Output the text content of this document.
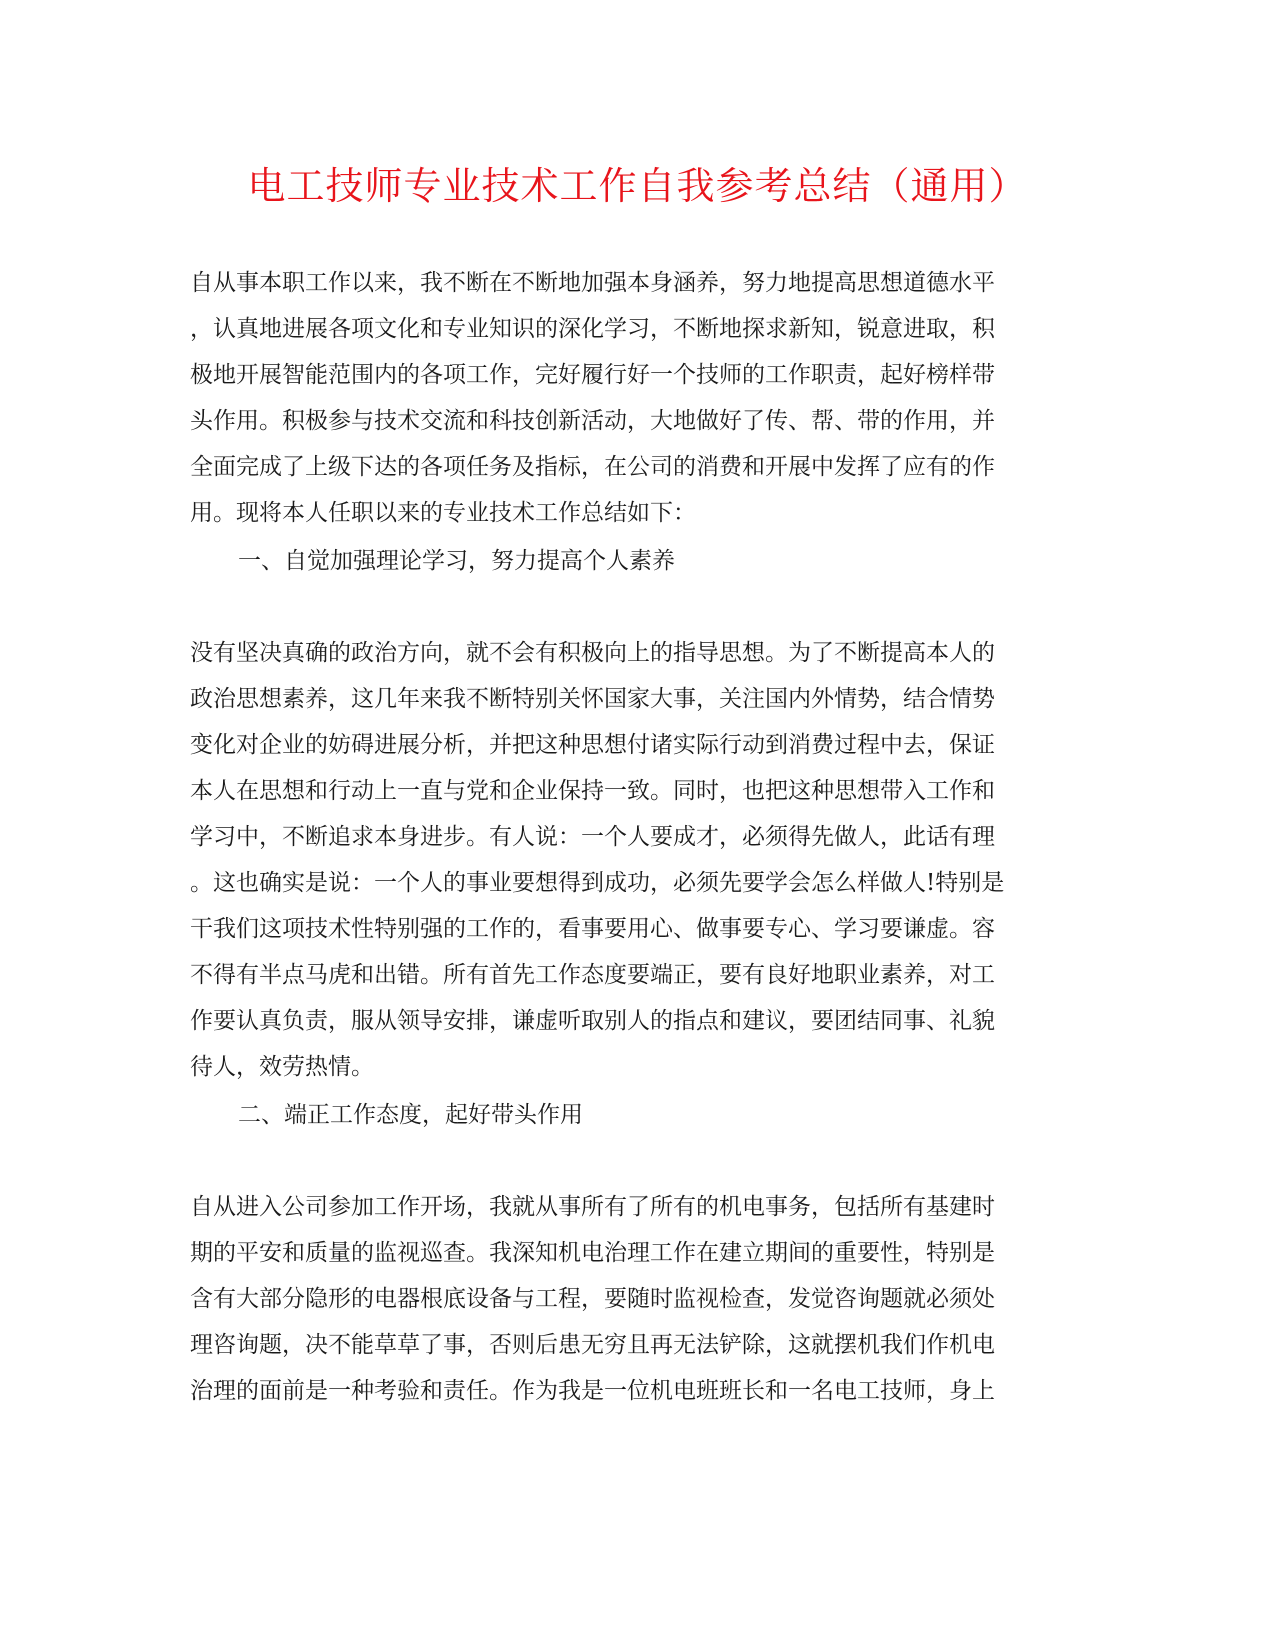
电工技师专业技术工作自我参考总结（通用）
自从事本职工作以来，我不断在不断地加强本身涵养，努力地提高思想道德水平
，认真地进展各项文化和专业知识的深化学习，不断地探求新知，锐意进取，积
极地开展智能范围内的各项工作，完好履行好一个技师的工作职责，起好榜样带
头作用。积极参与技术交流和科技创新活动，大地做好了传、帮、带的作用，并
全面完成了上级下达的各项任务及指标，在公司的消费和开展中发挥了应有的作
用。现将本人任职以来的专业技术工作总结如下：
一、自觉加强理论学习，努力提高个人素养
没有坚决真确的政治方向，就不会有积极向上的指导思想。为了不断提高本人的
政治思想素养，这几年来我不断特别关怀国家大事，关注国内外情势，结合情势
变化对企业的妨碍进展分析，并把这种思想付诸实际行动到消费过程中去，保证
本人在思想和行动上一直与党和企业保持一致。同时，也把这种思想带入工作和
学习中，不断追求本身进步。有人说：一个人要成才，必须得先做人，此话有理
。这也确实是说：一个人的事业要想得到成功，必须先要学会怎么样做人!特别是
干我们这项技术性特别强的工作的，看事要用心、做事要专心、学习要谦虚。容
不得有半点马虎和出错。所有首先工作态度要端正，要有良好地职业素养，对工
作要认真负责，服从领导安排，谦虚听取别人的指点和建议，要团结同事、礼貌
待人，效劳热情。
二、端正工作态度，起好带头作用
自从进入公司参加工作开场，我就从事所有了所有的机电事务，包括所有基建时
期的平安和质量的监视巡查。我深知机电治理工作在建立期间的重要性，特别是
含有大部分隐形的电器根底设备与工程，要随时监视检查，发觉咨询题就必须处
理咨询题，决不能草草了事，否则后患无穷且再无法铲除，这就摆机我们作机电
治理的面前是一种考验和责任。作为我是一位机电班班长和一名电工技师，身上
